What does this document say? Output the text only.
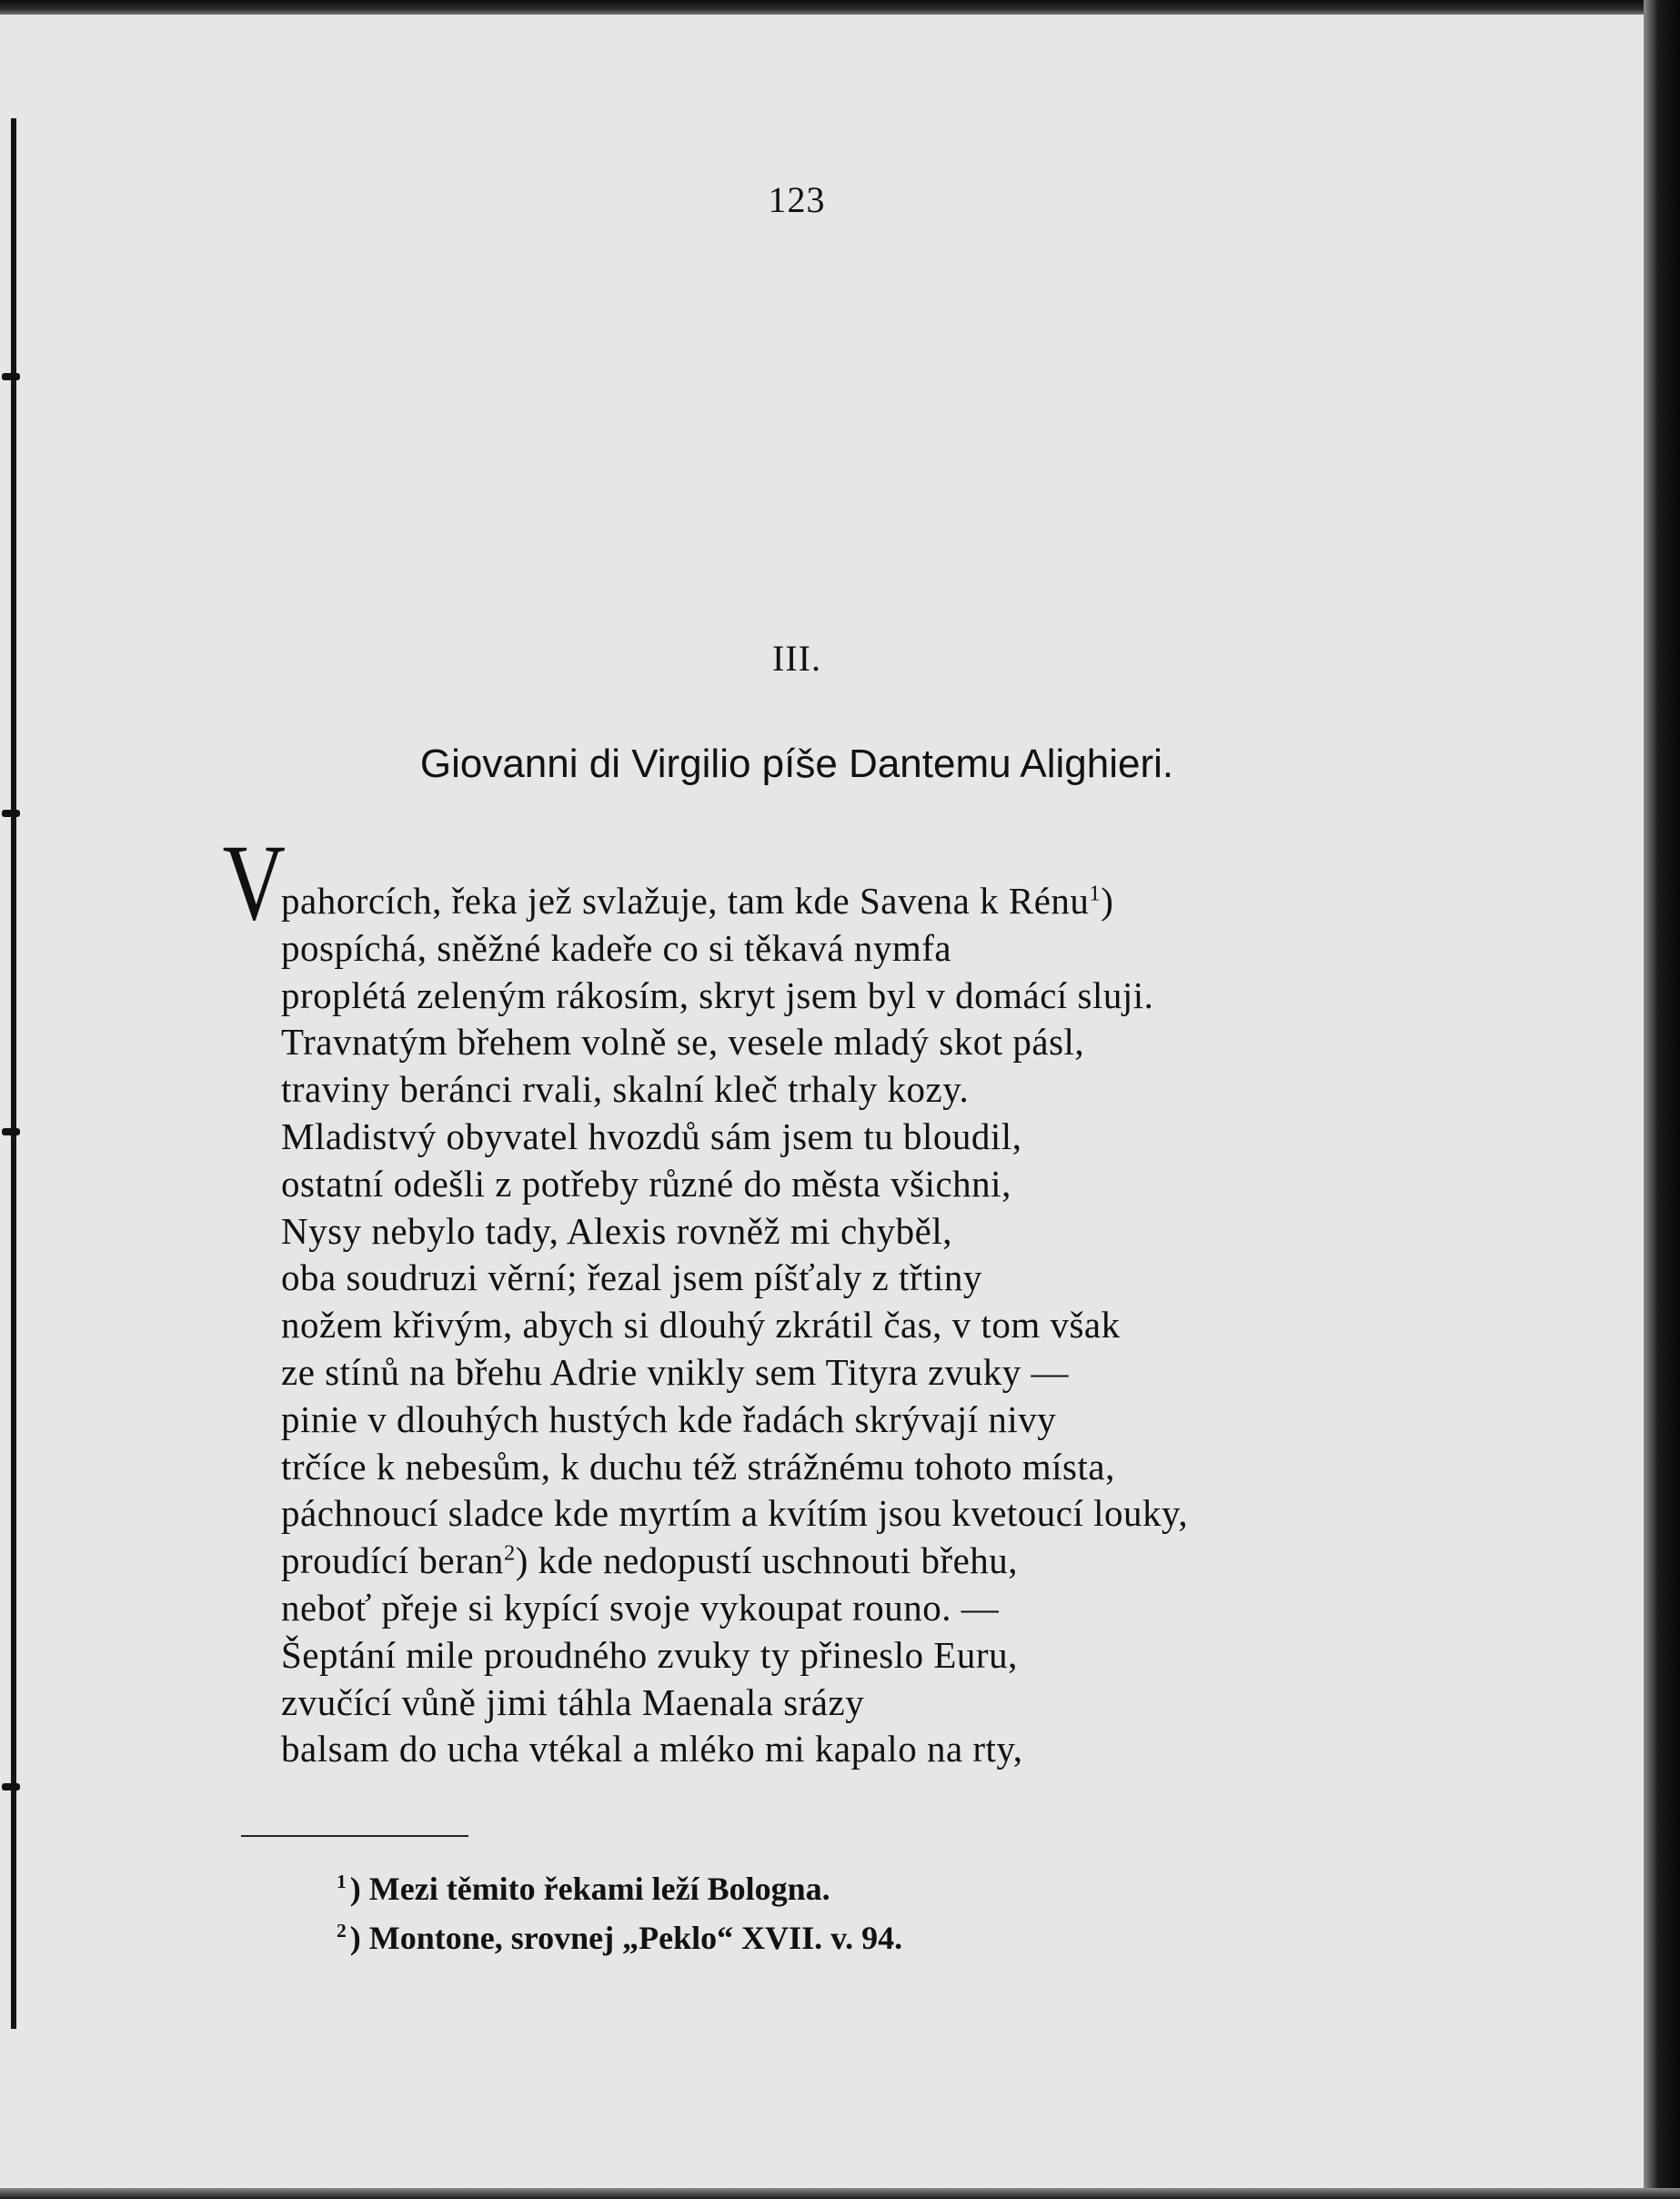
123
III.
Giovanni di Virgilio píše Dantemu Alighieri.
V
pahorcích, řeka jež svlažuje, tam kde Savena k Rénu$^1$)
pospíchá, sněžné kadeře co si těkavá nymfa
proplétá zeleným rákosím, skryt jsem byl v domácí sluji.
Travnatým břehem volně se, vesele mladý skot pásl,
traviny beránci rvali, skalní kleč trhaly kozy.
Mladistvý obyvatel hvozdů sám jsem tu bloudil,
ostatní odešli z potřeby různé do města všichni,
Nysy nebylo tady, Alexis rovněž mi chyběl,
oba soudruzi věrní; řezal jsem píšťaly z třtiny
nožem křivým, abych si dlouhý zkrátil čas, v tom však
ze stínů na břehu Adrie vnikly sem Tityra zvuky —
pinie v dlouhých hustých kde řadách skrývají nivy
trčíce k nebesům, k duchu též strážnému tohoto místa,
páchnoucí sladce kde myrtím a kvítím jsou kvetoucí louky,
proudící beran$^2$) kde nedopustí uschnouti břehu,
neboť přeje si kypící svoje vykoupat rouno. —
Šeptání mile proudného zvuky ty přineslo Euru,
zvučící vůně jimi táhla Maenala srázy
balsam do ucha vtékal a mléko mi kapalo na rty,
$^1$ ) Mezi těmito řekami leží Bologna.
$^2$ ) Montone, srovnej „Peklo“ XVII. v. 94.
